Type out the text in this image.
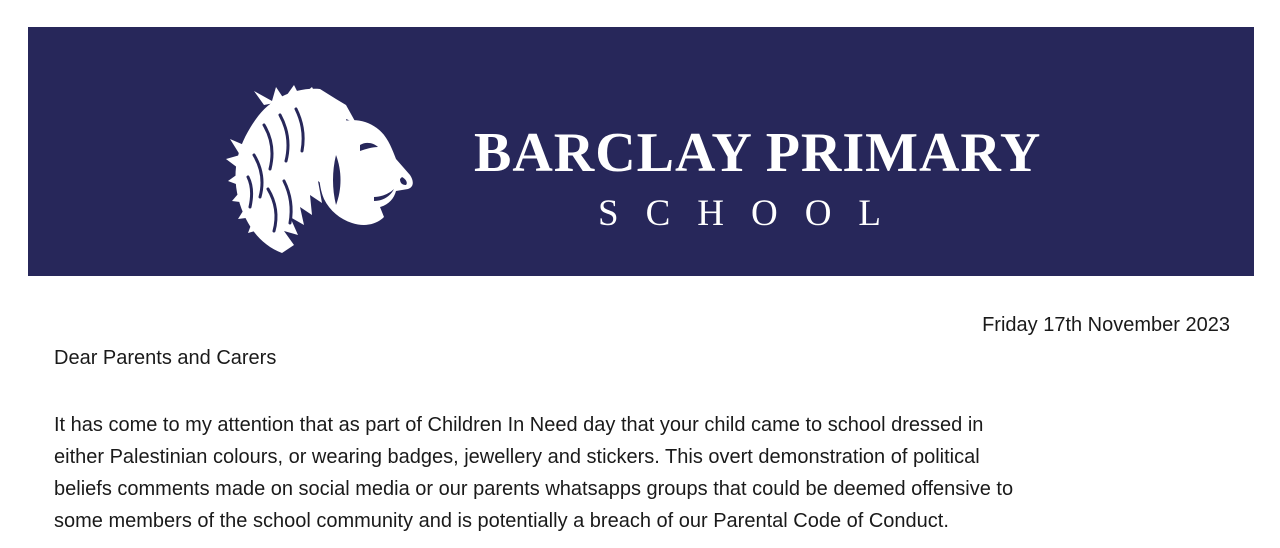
BARCLAY PRIMARY
SCHOOL
Friday 17th November 2023
Dear Parents and Carers

It has come to my attention that as part of Children In Need day that your child came to school dressed in
either Palestinian colours, or wearing badges, jewellery and stickers. This overt demonstration of political
beliefs comments made on social media or our parents whatsapps groups that could be deemed offensive to
some members of the school community and is potentially a breach of our Parental Code of Conduct.
